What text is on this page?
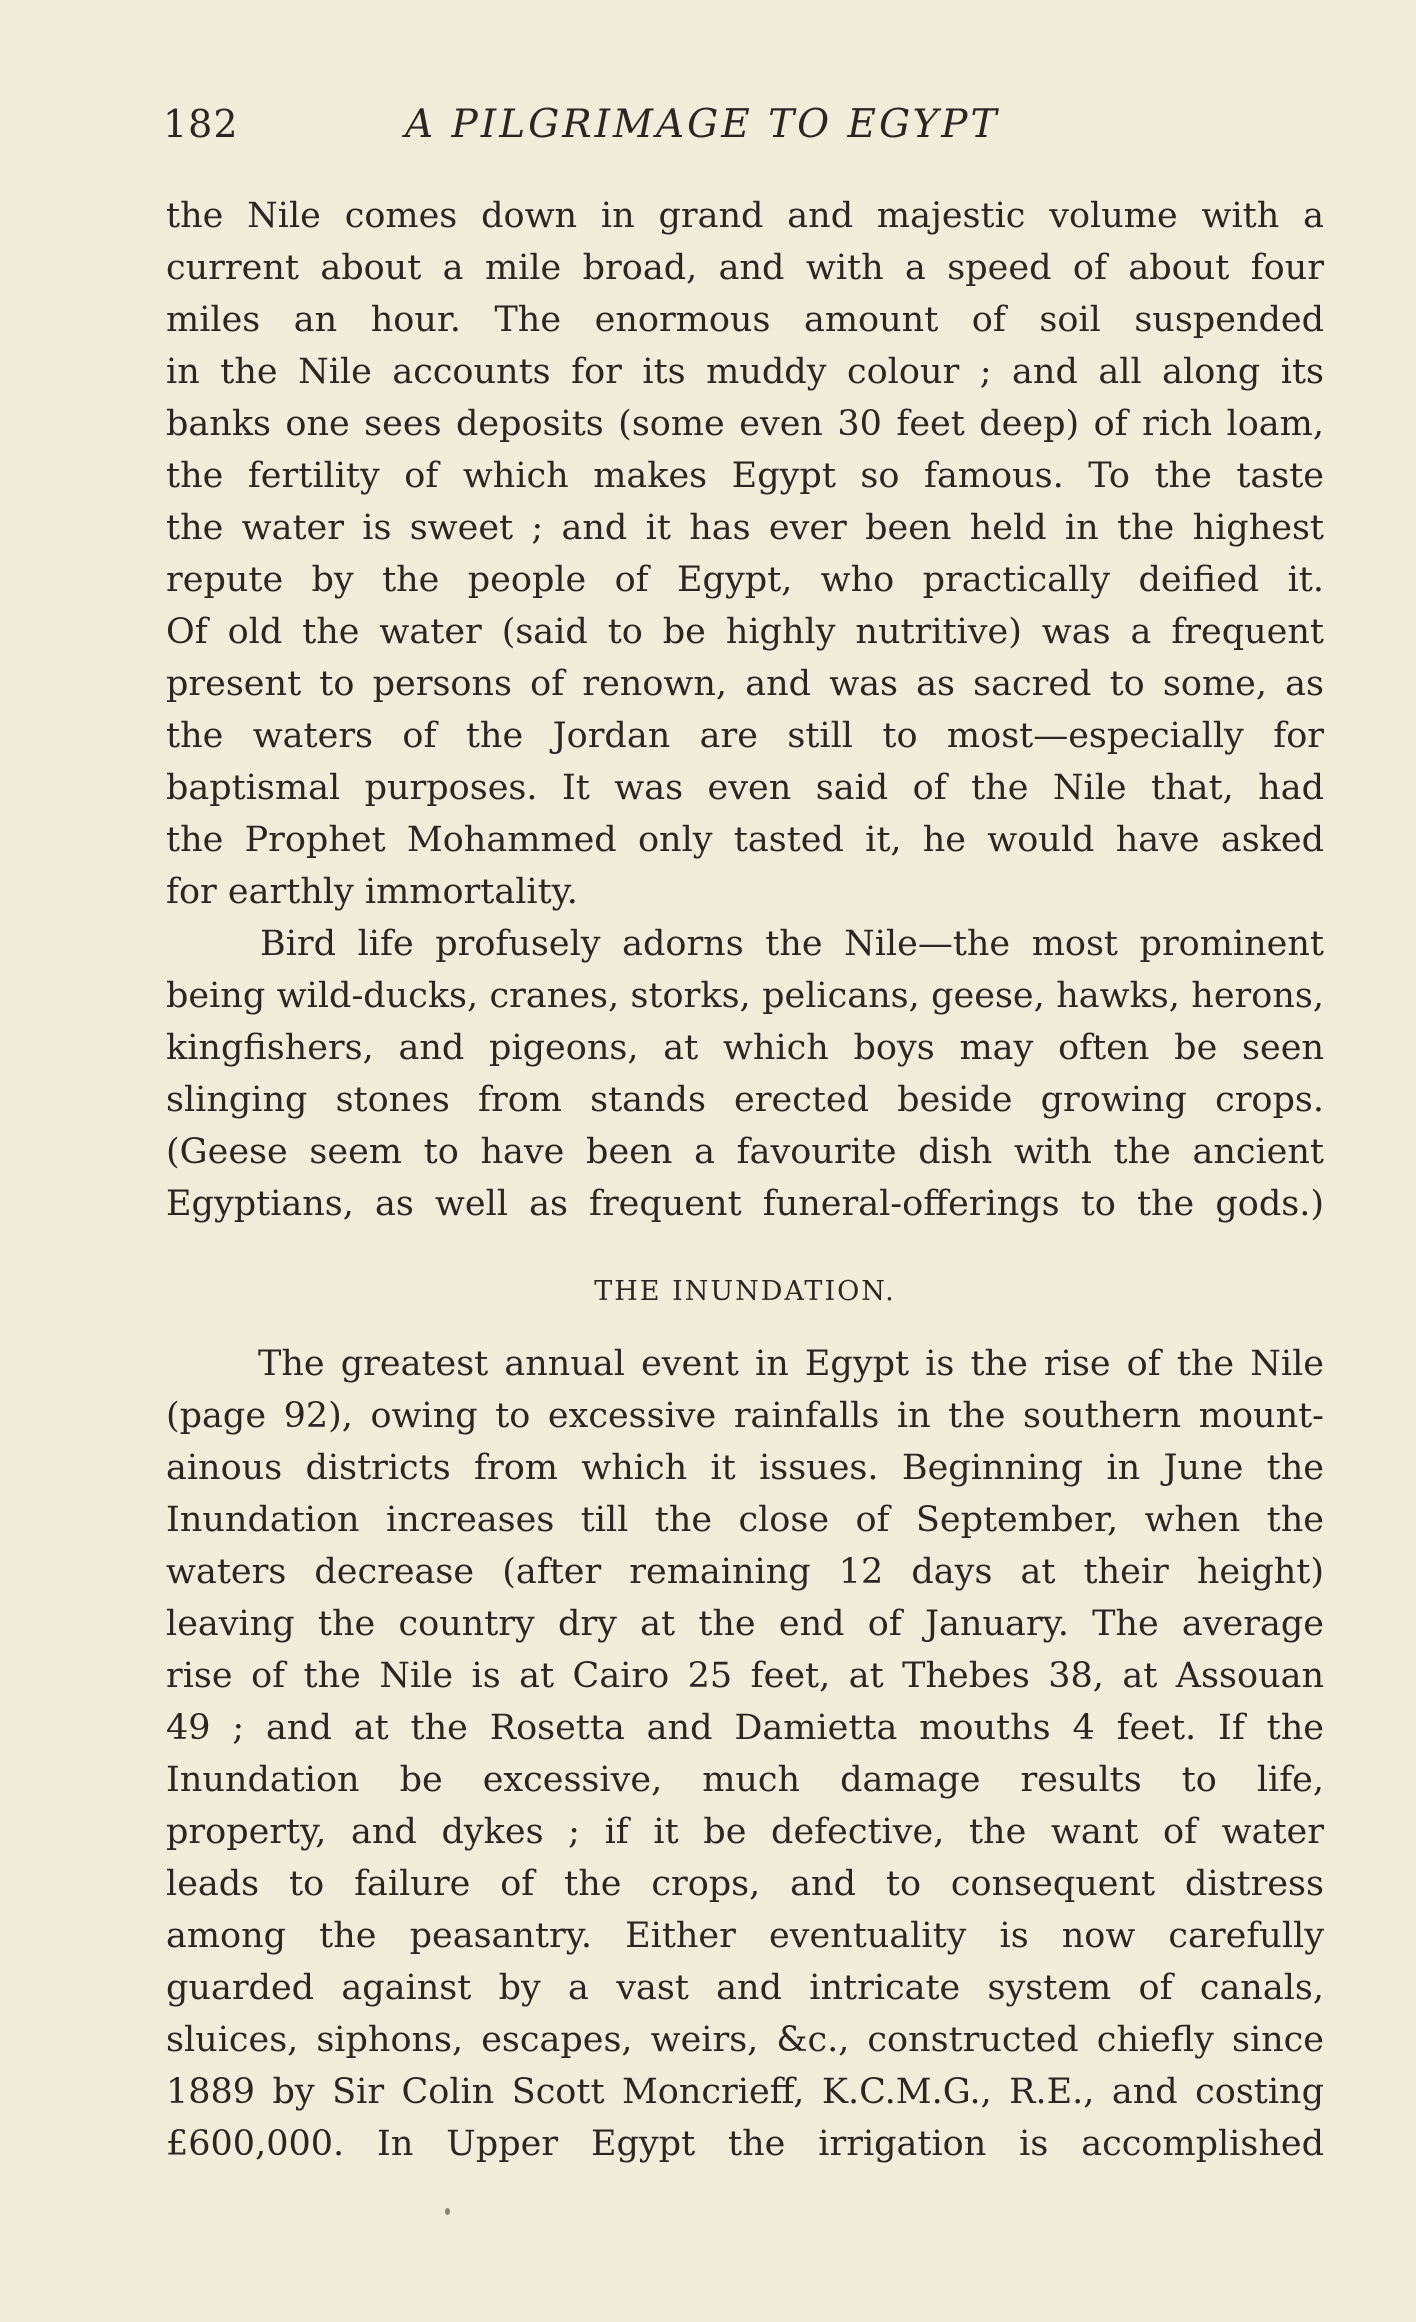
182	A PILGRIMAGE TO EGYPT
the Nile comes down in grand and majestic volume with a
current about a mile broad, and with a speed of about four
miles an hour. The enormous amount of soil suspended
in the Nile accounts for its muddy colour ; and all along its
banks one sees deposits (some even 30 feet deep) of rich loam,
the fertility of which makes Egypt so famous. To the taste
the water is sweet ; and it has ever been held in the highest
repute by the people of Egypt, who practically deified it.
Of old the water (said to be highly nutritive) was a frequent
present to persons of renown, and was as sacred to some, as
the waters of the Jordan are still to most—especially for
baptismal purposes. It was even said of the Nile that, had
the Prophet Mohammed only tasted it, he would have asked
for earthly immortality.
Bird life profusely adorns the Nile—the most prominent
being wild-ducks, cranes, storks, pelicans, geese, hawks, herons,
kingfishers, and pigeons, at which boys may often be seen
slinging stones from stands erected beside growing crops.
(Geese seem to have been a favourite dish with the ancient
Egyptians, as well as frequent funeral-offerings to the gods.)
THE INUNDATION.
The greatest annual event in Egypt is the rise of the Nile
(page 92), owing to excessive rainfalls in the southern mount-
ainous districts from which it issues. Beginning in June the
Inundation increases till the close of September, when the
waters decrease (after remaining 12 days at their height)
leaving the country dry at the end of January. The average
rise of the Nile is at Cairo 25 feet, at Thebes 38, at Assouan
49 ; and at the Rosetta and Damietta mouths 4 feet. If the
Inundation be excessive, much damage results to life,
property, and dykes ; if it be defective, the want of water
leads to failure of the crops, and to consequent distress
among the peasantry. Either eventuality is now carefully
guarded against by a vast and intricate system of canals,
sluices, siphons, escapes, weirs, &c., constructed chiefly since
1889 by Sir Colin Scott Moncrieff, K.C.M.G., R.E., and costing
£600,000. In Upper Egypt the irrigation is accomplished
